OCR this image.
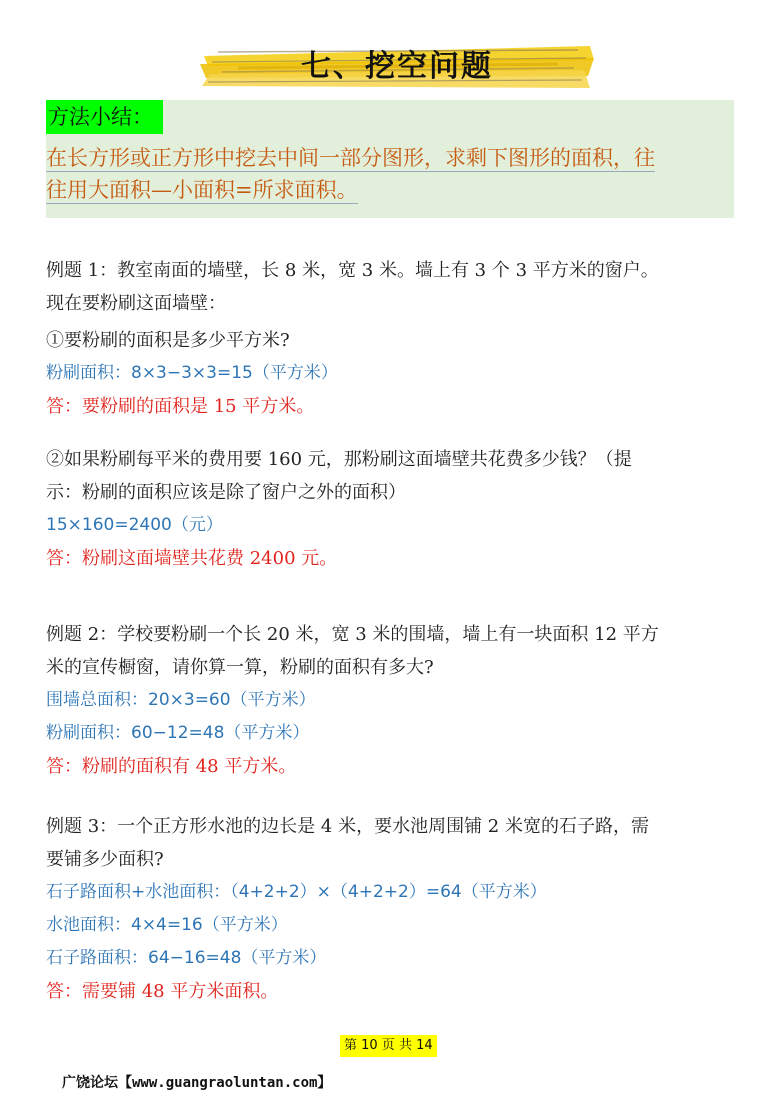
七、挖空问题
方法小结：
在长方形或正方形中挖去中间一部分图形，求剩下图形的面积，往
往用大面积—小面积=所求面积。
例题 1：教室南面的墙壁，长 8 米，宽 3 米。墙上有 3 个 3 平方米的窗户。
现在要粉刷这面墙壁：
①要粉刷的面积是多少平方米?
粉刷面积：8×3−3×3=15（平方米）
答：要粉刷的面积是 15 平方米。
②如果粉刷每平米的费用要 160 元，那粉刷这面墙壁共花费多少钱？（提
示：粉刷的面积应该是除了窗户之外的面积）
15×160=2400（元）
答：粉刷这面墙壁共花费 2400 元。
例题 2：学校要粉刷一个长 20 米，宽 3 米的围墙，墙上有一块面积 12 平方
米的宣传橱窗，请你算一算，粉刷的面积有多大?
围墙总面积：20×3=60（平方米）
粉刷面积：60−12=48（平方米）
答：粉刷的面积有 48 平方米。
例题 3：一个正方形水池的边长是 4 米，要水池周围铺 2 米宽的石子路，需
要铺多少面积?
石子路面积+水池面积：（4+2+2）×（4+2+2）=64（平方米）
水池面积：4×4=16（平方米）
石子路面积：64−16=48（平方米）
答：需要铺 48 平方米面积。
第 10 页 共 14
广饶论坛【www.guangraoluntan.com】
